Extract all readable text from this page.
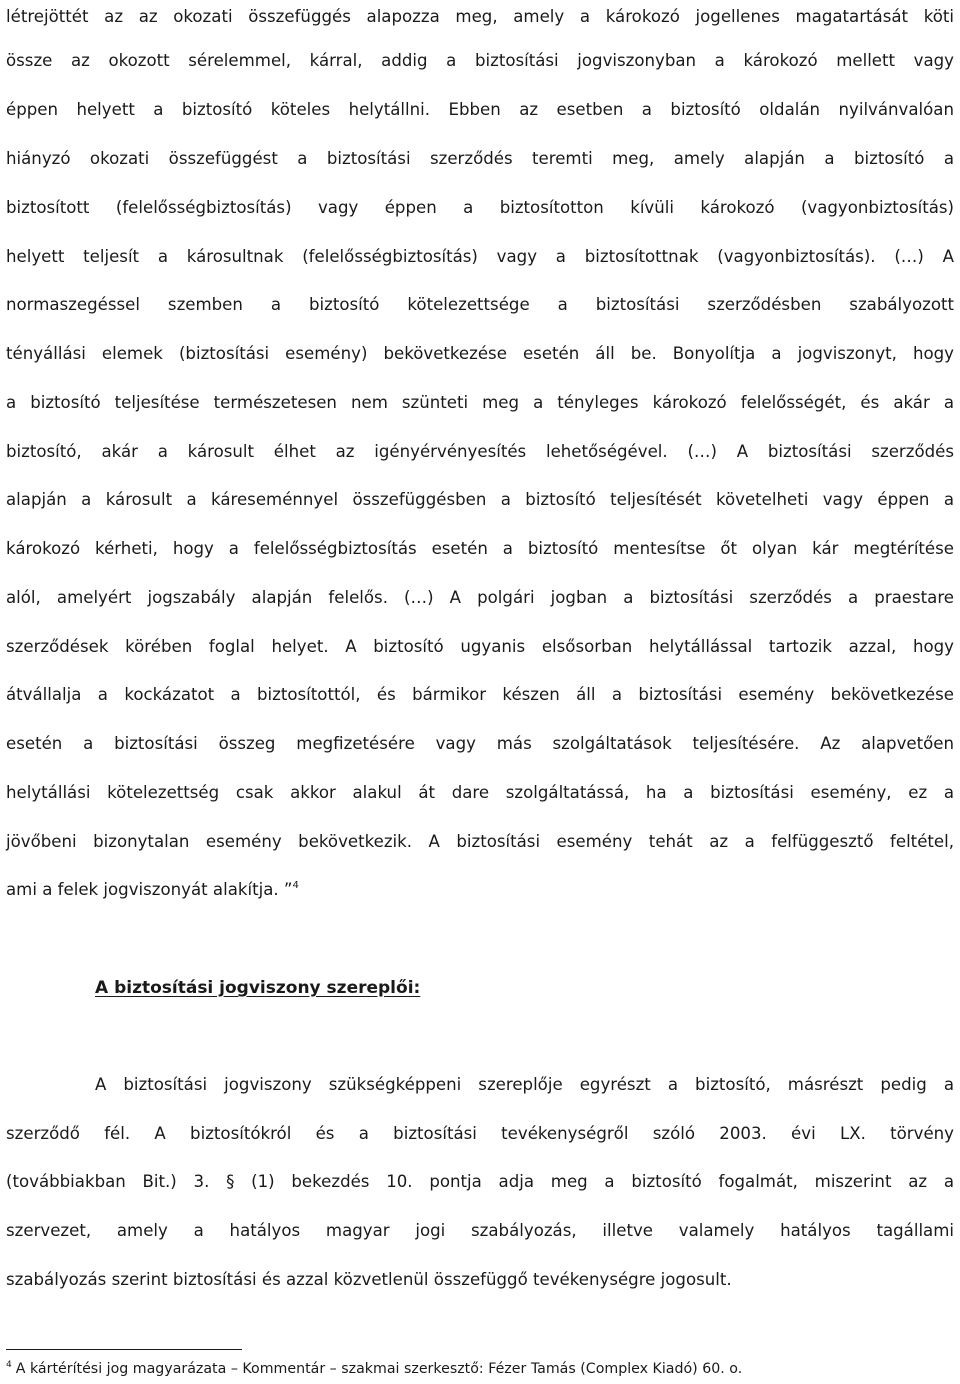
létrejöttét az az okozati összefüggés alapozza meg, amely a károkozó jogellenes magatartását köti
össze az okozott sérelemmel, kárral, addig a biztosítási jogviszonyban a károkozó mellett vagy
éppen helyett a biztosító köteles helytállni. Ebben az esetben a biztosító oldalán nyilvánvalóan
hiányzó okozati összefüggést a biztosítási szerződés teremti meg, amely alapján a biztosító a
biztosított (felelősségbiztosítás) vagy éppen a biztosítotton kívüli károkozó (vagyonbiztosítás)
helyett teljesít a károsultnak (felelősségbiztosítás) vagy a biztosítottnak (vagyonbiztosítás). (…) A
normaszegéssel szemben a biztosító kötelezettsége a biztosítási szerződésben szabályozott
tényállási elemek (biztosítási esemény) bekövetkezése esetén áll be. Bonyolítja a jogviszonyt, hogy
a biztosító teljesítése természetesen nem szünteti meg a tényleges károkozó felelősségét, és akár a
biztosító, akár a károsult élhet az igényérvényesítés lehetőségével. (…) A biztosítási szerződés
alapján a károsult a káreseménnyel összefüggésben a biztosító teljesítését követelheti vagy éppen a
károkozó kérheti, hogy a felelősségbiztosítás esetén a biztosító mentesítse őt olyan kár megtérítése
alól, amelyért jogszabály alapján felelős. (…) A polgári jogban a biztosítási szerződés a praestare
szerződések körében foglal helyet. A biztosító ugyanis elsősorban helytállással tartozik azzal, hogy
átvállalja a kockázatot a biztosítottól, és bármikor készen áll a biztosítási esemény bekövetkezése
esetén a biztosítási összeg megfizetésére vagy más szolgáltatások teljesítésére. Az alapvetően
helytállási kötelezettség csak akkor alakul át dare szolgáltatássá, ha a biztosítási esemény, ez a
jövőbeni bizonytalan esemény bekövetkezik. A biztosítási esemény tehát az a felfüggesztő feltétel,
ami a felek jogviszonyát alakítja. ”$^4$
A biztosítási jogviszony szereplői:
A biztosítási jogviszony szükségképpeni szereplője egyrészt a biztosító, másrészt pedig a
szerződő fél. A biztosítókról és a biztosítási tevékenységről szóló 2003. évi LX. törvény
(továbbiakban Bit.) 3. § (1) bekezdés 10. pontja adja meg a biztosító fogalmát, miszerint az a
szervezet, amely a hatályos magyar jogi szabályozás, illetve valamely hatályos tagállami
szabályozás szerint biztosítási és azzal közvetlenül összefüggő tevékenységre jogosult.
$^4$ A kártérítési jog magyarázata – Kommentár – szakmai szerkesztő: Fézer Tamás (Complex Kiadó) 60. o.
